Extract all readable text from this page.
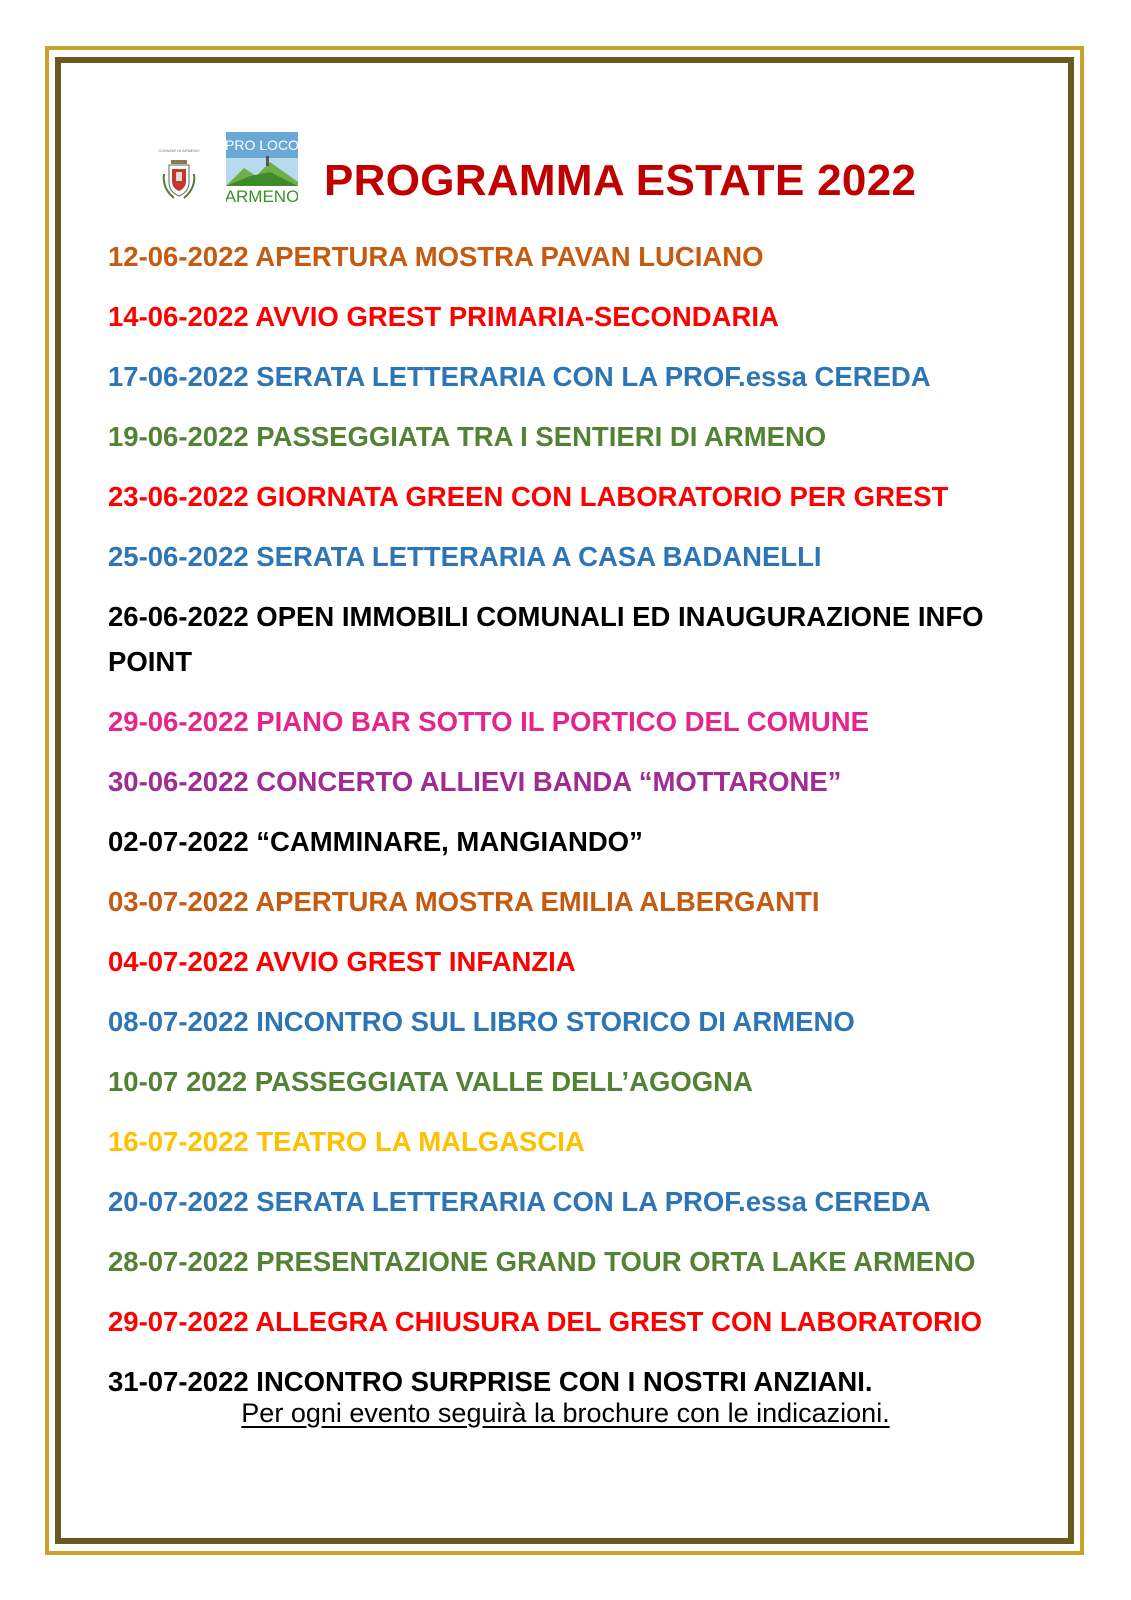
COMUNE DI ARMENO PRO LOCO
ARMENO PROGRAMMA ESTATE 2022
12-06-2022 APERTURA MOSTRA PAVAN LUCIANO
14-06-2022 AVVIO GREST PRIMARIA-SECONDARIA
17-06-2022 SERATA LETTERARIA CON LA PROF.essa CEREDA
19-06-2022 PASSEGGIATA TRA I SENTIERI DI ARMENO
23-06-2022 GIORNATA GREEN CON LABORATORIO PER GREST
25-06-2022 SERATA LETTERARIA A CASA BADANELLI
26-06-2022 OPEN IMMOBILI COMUNALI ED INAUGURAZIONE INFO POINT
29-06-2022 PIANO BAR SOTTO IL PORTICO DEL COMUNE
30-06-2022 CONCERTO ALLIEVI BANDA “MOTTARONE”
02-07-2022 “CAMMINARE, MANGIANDO”
03-07-2022 APERTURA MOSTRA EMILIA ALBERGANTI
04-07-2022 AVVIO GREST INFANZIA
08-07-2022 INCONTRO SUL LIBRO STORICO DI ARMENO
10-07 2022 PASSEGGIATA VALLE DELL’AGOGNA
16-07-2022 TEATRO LA MALGASCIA
20-07-2022 SERATA LETTERARIA CON LA PROF.essa CEREDA
28-07-2022 PRESENTAZIONE GRAND TOUR ORTA LAKE ARMENO
29-07-2022 ALLEGRA CHIUSURA DEL GREST CON LABORATORIO
31-07-2022 INCONTRO SURPRISE CON I NOSTRI ANZIANI.
Per ogni evento seguirà la brochure con le indicazioni.
